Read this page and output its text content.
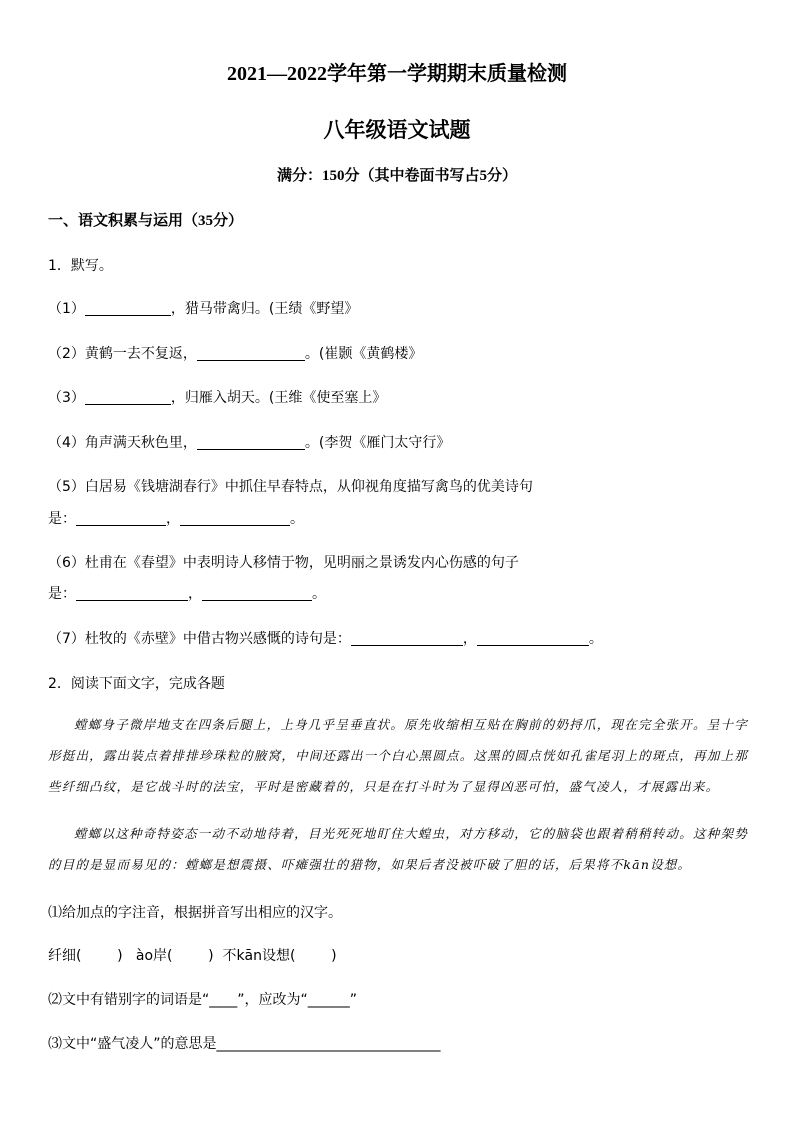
2021—2022学年第一学期期末质量检测
八年级语文试题
满分：150分（其中卷面书写占5分）
一、语文积累与运用（35分）
1．默写。
（1）	，猎马带禽归。(王绩《野望》
（2）黄鹤一去不复返，	。(崔颢《黄鹤楼》
（3）	，归雁入胡天。(王维《使至塞上》
（4）角声满天秋色里，	。(李贺《雁门太守行》
（5）白居易《钱塘湖春行》中抓住早春特点，从仰视角度描写禽鸟的优美诗句
是：	，	。
（6）杜甫在《春望》中表明诗人移情于物，见明丽之景诱发内心伤感的句子
是：	，	。
（7）杜牧的《赤壁》中借古物兴感慨的诗句是：	，	。
2．阅读下面文字，完成各题
螳螂身子微岸地支在四条后腿上，上身几乎呈垂直状。原先收缩相互贴在胸前的奶捋爪，现在完全张开。呈十字形挺出，露出装点着排排珍珠粒的腋窝，中间还露出一个白心黑圆点。这黑的圆点恍如孔雀尾羽上的斑点，再加上那些纤细凸纹，是它战斗时的法宝，平时是密藏着的，只是在打斗时为了显得凶恶可怕，盛气凌人，才展露出来。
螳螂以这种奇特姿态一动不动地待着，目光死死地盯住大蝗虫，对方移动，它的脑袋也跟着稍稍转动。这种架势的目的是显而易见的：螳螂是想震摄、吓瘫强壮的猎物，如果后者没被吓破了胆的话，后果将不kān设想。
⑴给加点的字注音，根据拼音写出相应的汉字。
纤细(        )   ào岸(        )  不kān设想(        )
⑵文中有错别字的词语是“____”，应改为“______”
⑶文中“盛气凌人”的意思是________________________________
